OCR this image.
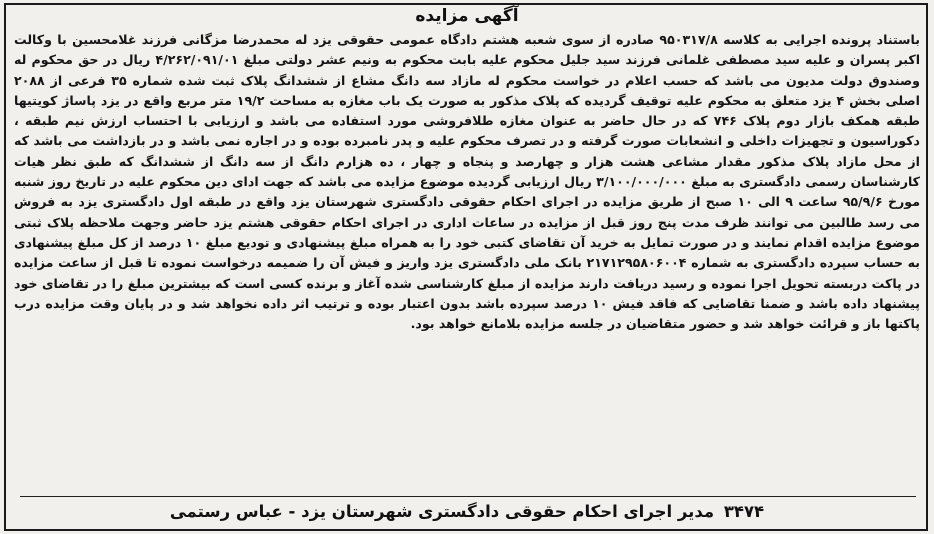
آگهی مزایده
باستناد پرونده اجرایی به کلاسه ۹۵۰۳۱۷/۸ صادره از سوی شعبه هشتم دادگاه عمومی حقوقی یزد له محمدرضا مزگانی فرزند غلامحسین با وکالت اکبر پسران و علیه سید مصطفی غلمانی فرزند سید جلیل محکوم علیه بابت محکوم به ونیم عشر دولتی مبلغ ۴/۲۶۲/۰۹۱/۰۱ ریال در حق محکوم له وصندوق دولت مدیون می باشد که حسب اعلام در خواست محکوم له مازاد سه دانگ مشاع از ششدانگ پلاک ثبت شده شماره ۳۵ فرعی از ۲۰۸۸ اصلی بخش ۴ یزد متعلق به محکوم علیه توقیف گردیده که پلاک مذکور به صورت یک باب مغازه به مساحت ۱۹/۲ متر مربع واقع در یزد پاساژ کویتیها طبقه همکف بازار دوم پلاک ۷۴۶ که در حال حاضر به عنوان مغازه طلافروشی مورد استفاده می باشد و ارزیابی با احتساب ارزش نیم طبقه ، دکوراسیون و تجهیزات داخلی و انشعابات صورت گرفته و در تصرف محکوم علیه و پدر نامبرده بوده و در اجاره نمی باشد و در بازداشت می باشد که از محل مازاد پلاک مذکور مقدار مشاعی هشت هزار و چهارصد و پنجاه و چهار ، ده هزارم دانگ از سه دانگ از ششدانگ که طبق نظر هیات کارشناسان رسمی دادگستری به مبلغ ۳/۱۰۰/۰۰۰/۰۰۰ ریال ارزیابی گردیده موضوع مزایده می باشد که جهت ادای دین محکوم علیه در تاریخ روز شنبه مورخ ۹۵/۹/۶ ساعت ۹ الی ۱۰ صبح از طریق مزایده در اجرای احکام حقوقی دادگستری شهرستان یزد واقع در طبقه اول دادگستری یزد به فروش می رسد طالبین می توانند ظرف مدت پنج روز قبل از مزایده در ساعات اداری در اجرای احکام حقوقی هشتم یزد حاضر وجهت ملاحظه پلاک ثبتی موضوع مزایده اقدام نمایند و در صورت تمایل به خرید آن تقاضای کتبی خود را به همراه مبلغ پیشنهادی و تودیع مبلغ ۱۰ درصد از کل مبلغ پیشنهادی به حساب سپرده دادگستری به شماره ۲۱۷۱۲۹۵۸۰۶۰۰۴ بانک ملی دادگستری یزد واریز و فیش آن را ضمیمه درخواست نموده تا قبل از ساعت مزایده در پاکت دربسته تحویل اجرا نموده و رسید دریافت دارند مزایده از مبلغ کارشناسی شده آغاز و برنده کسی است که بیشترین مبلغ را در تقاضای خود پیشنهاد داده باشد و ضمنا تقاضایی که فاقد فیش ۱۰ درصد سپرده باشد بدون اعتبار بوده و ترتیب اثر داده نخواهد شد و در پایان وقت مزایده درب پاکتها باز و قرائت خواهد شد و حضور متقاضیان در جلسه مزایده بلامانع خواهد بود.
۳۴۷۴ مدیر اجرای احکام حقوقی دادگستری شهرستان یزد - عباس رستمی
